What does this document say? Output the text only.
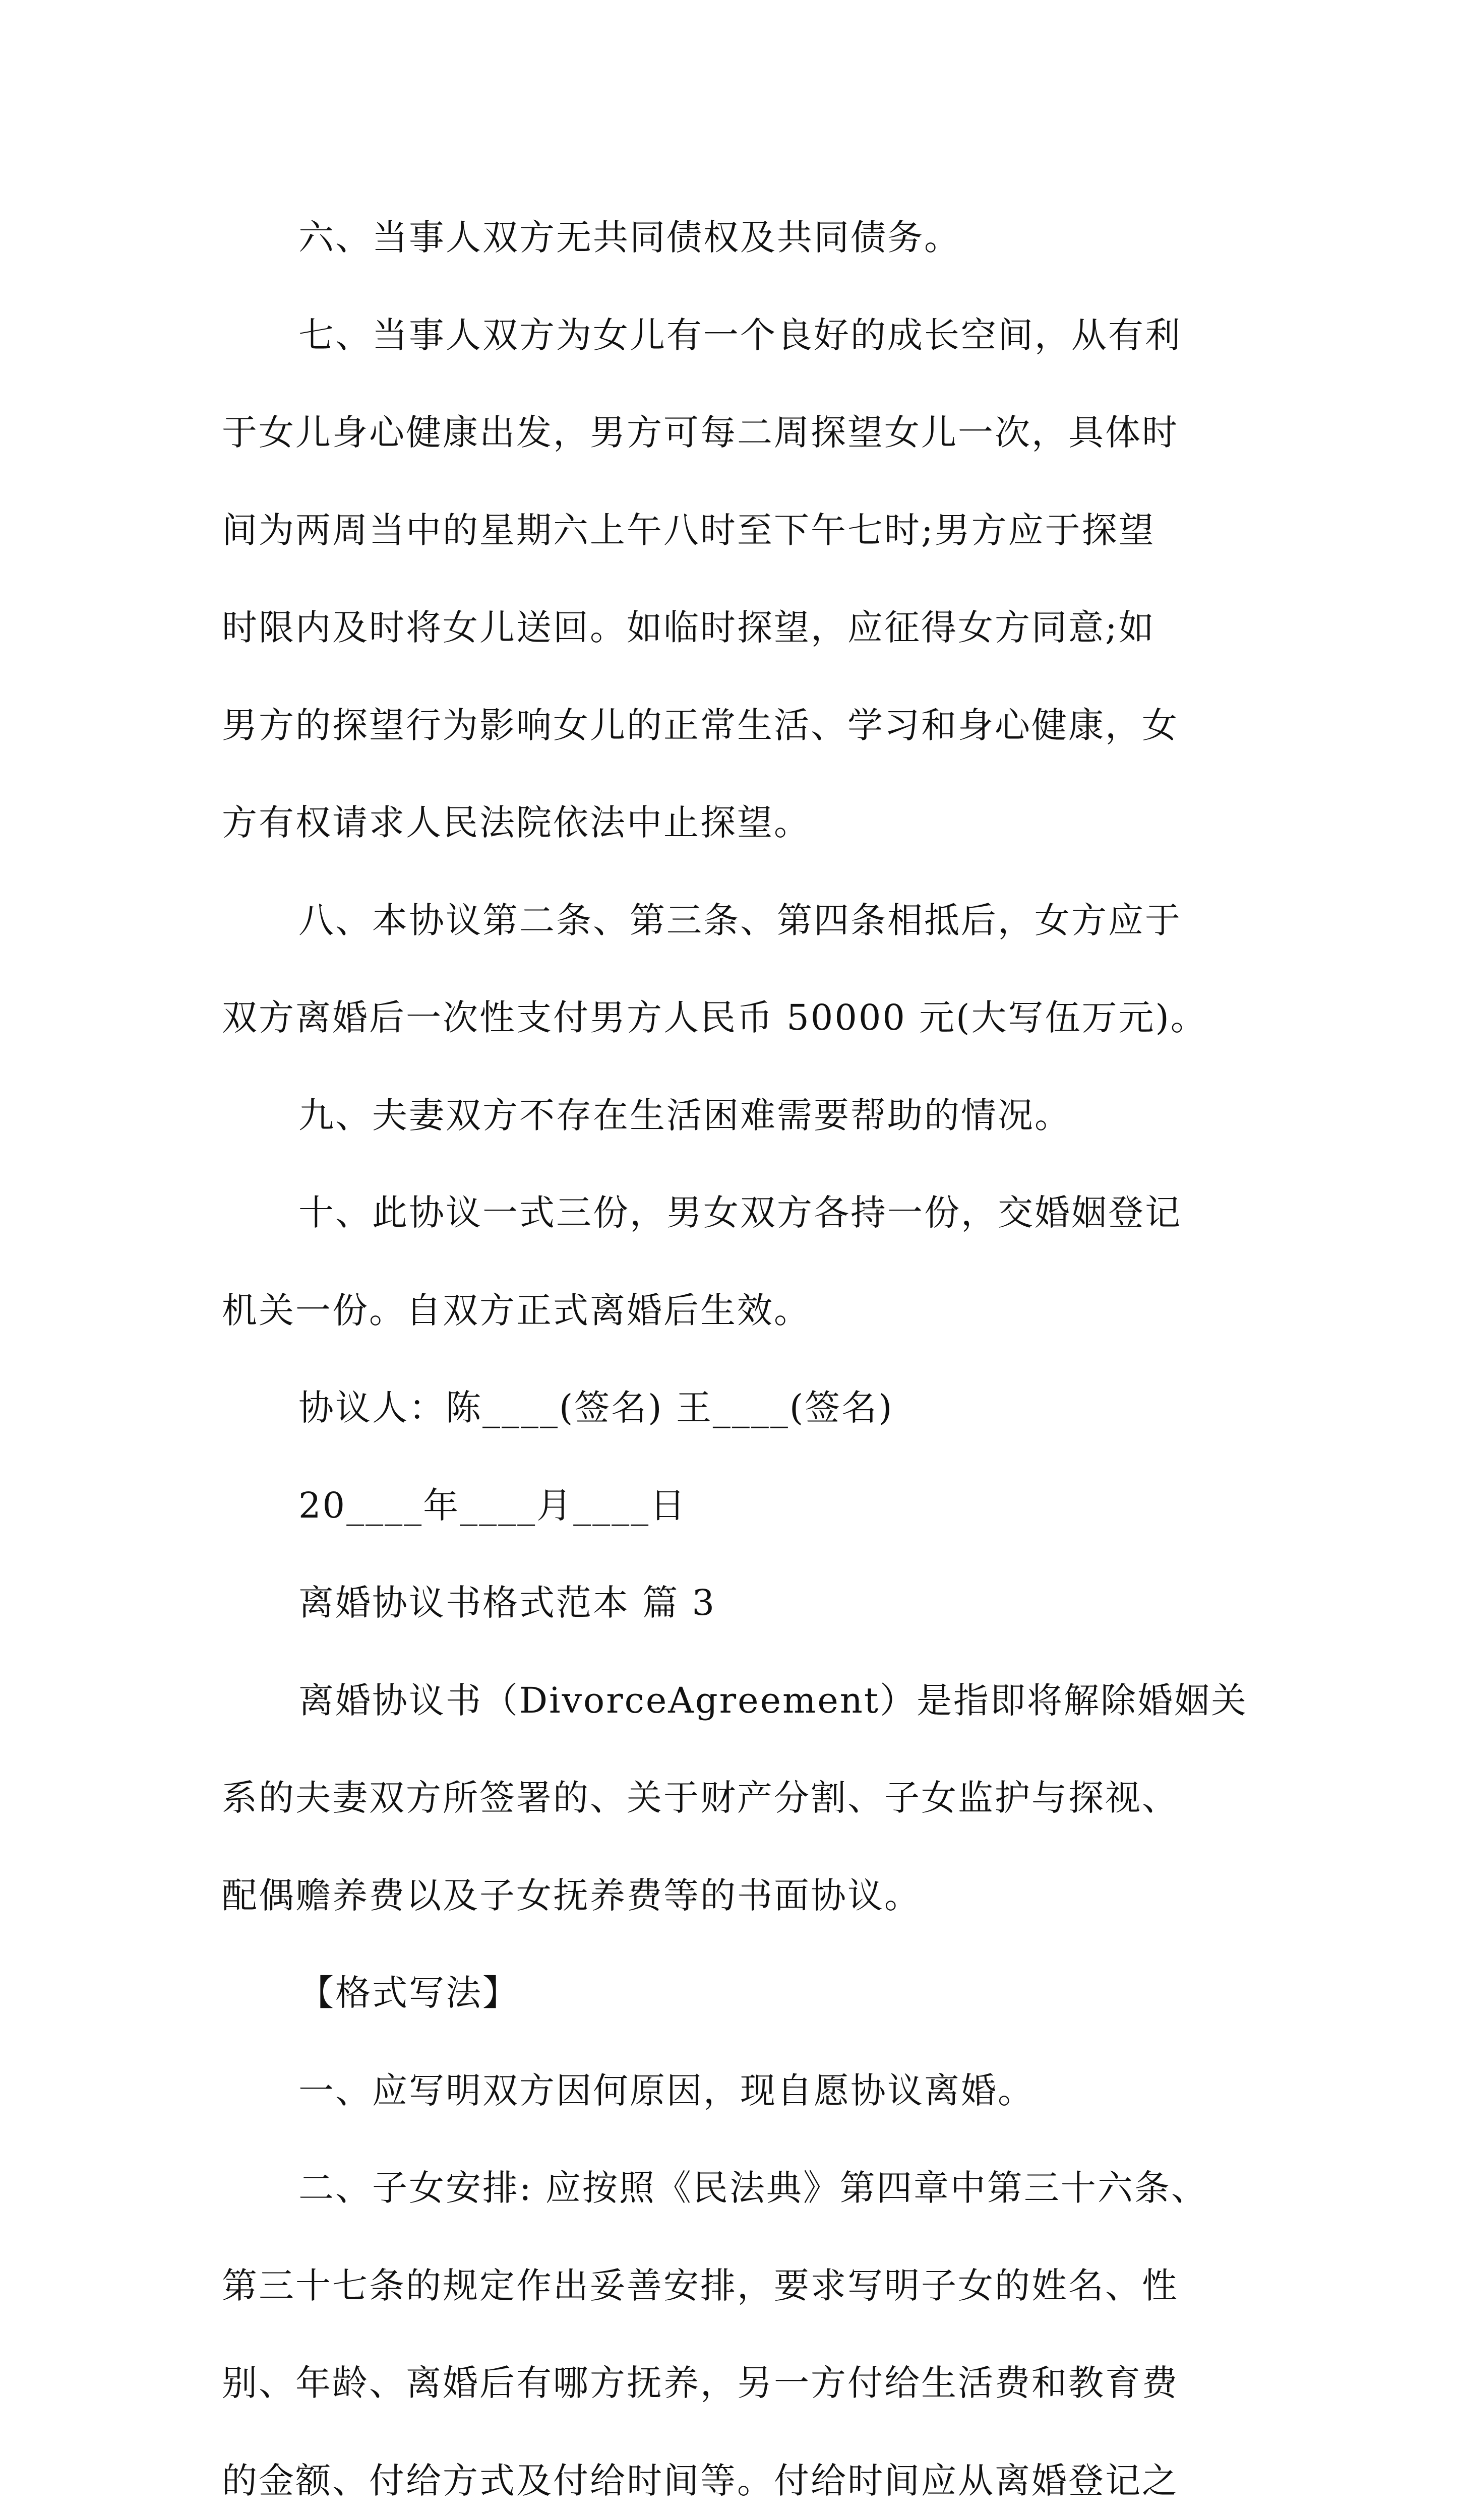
六、当事人双方无共同债权及共同债务。

七、当事人双方为女儿有一个良好的成长空间，从有利

于女儿身心健康出发，男方可每二周探望女儿一次，具体时

间为两周当中的星期六上午八时至下午七时;男方应于探望

时限内及时将女儿送回。如临时探望，应征得女方同意;如

男方的探望行为影响女儿的正常生活、学习和身心健康，女

方有权请求人民法院依法中止探望。

八、本协议第二条、第三条、第四条相抵后，女方应于

双方离婚后一次性支付男方人民币 50000 元(大写伍万元)。

九、夫妻双方不存在生活困难需要帮助的情况。

十、此协议一式三份，男女双方各持一份，交婚姻登记

机关一份。自双方正式离婚后生效。

协议人：陈____(签名) 王____(签名)

20____年____月____日

离婚协议书格式范本 篇 3

离婚协议书（DivorceAgreement）是指即将解除婚姻关

系的夫妻双方所签署的、关于财产分割、子女监护与探视、

配偶赡养费以及子女抚养费等的书面协议。

【格式写法】

一、应写明双方因何原因，现自愿协议离婚。

二、子女安排: 应按照《民法典》第四章中第三十六条、

第三十七条的规定作出妥善安排，要求写明子女的姓名、性

别、年龄、离婚后有哪方抚养，另一方付给生活费和教育费

的金额、付给方式及付给时间等。付给时间应从离婚登记之
